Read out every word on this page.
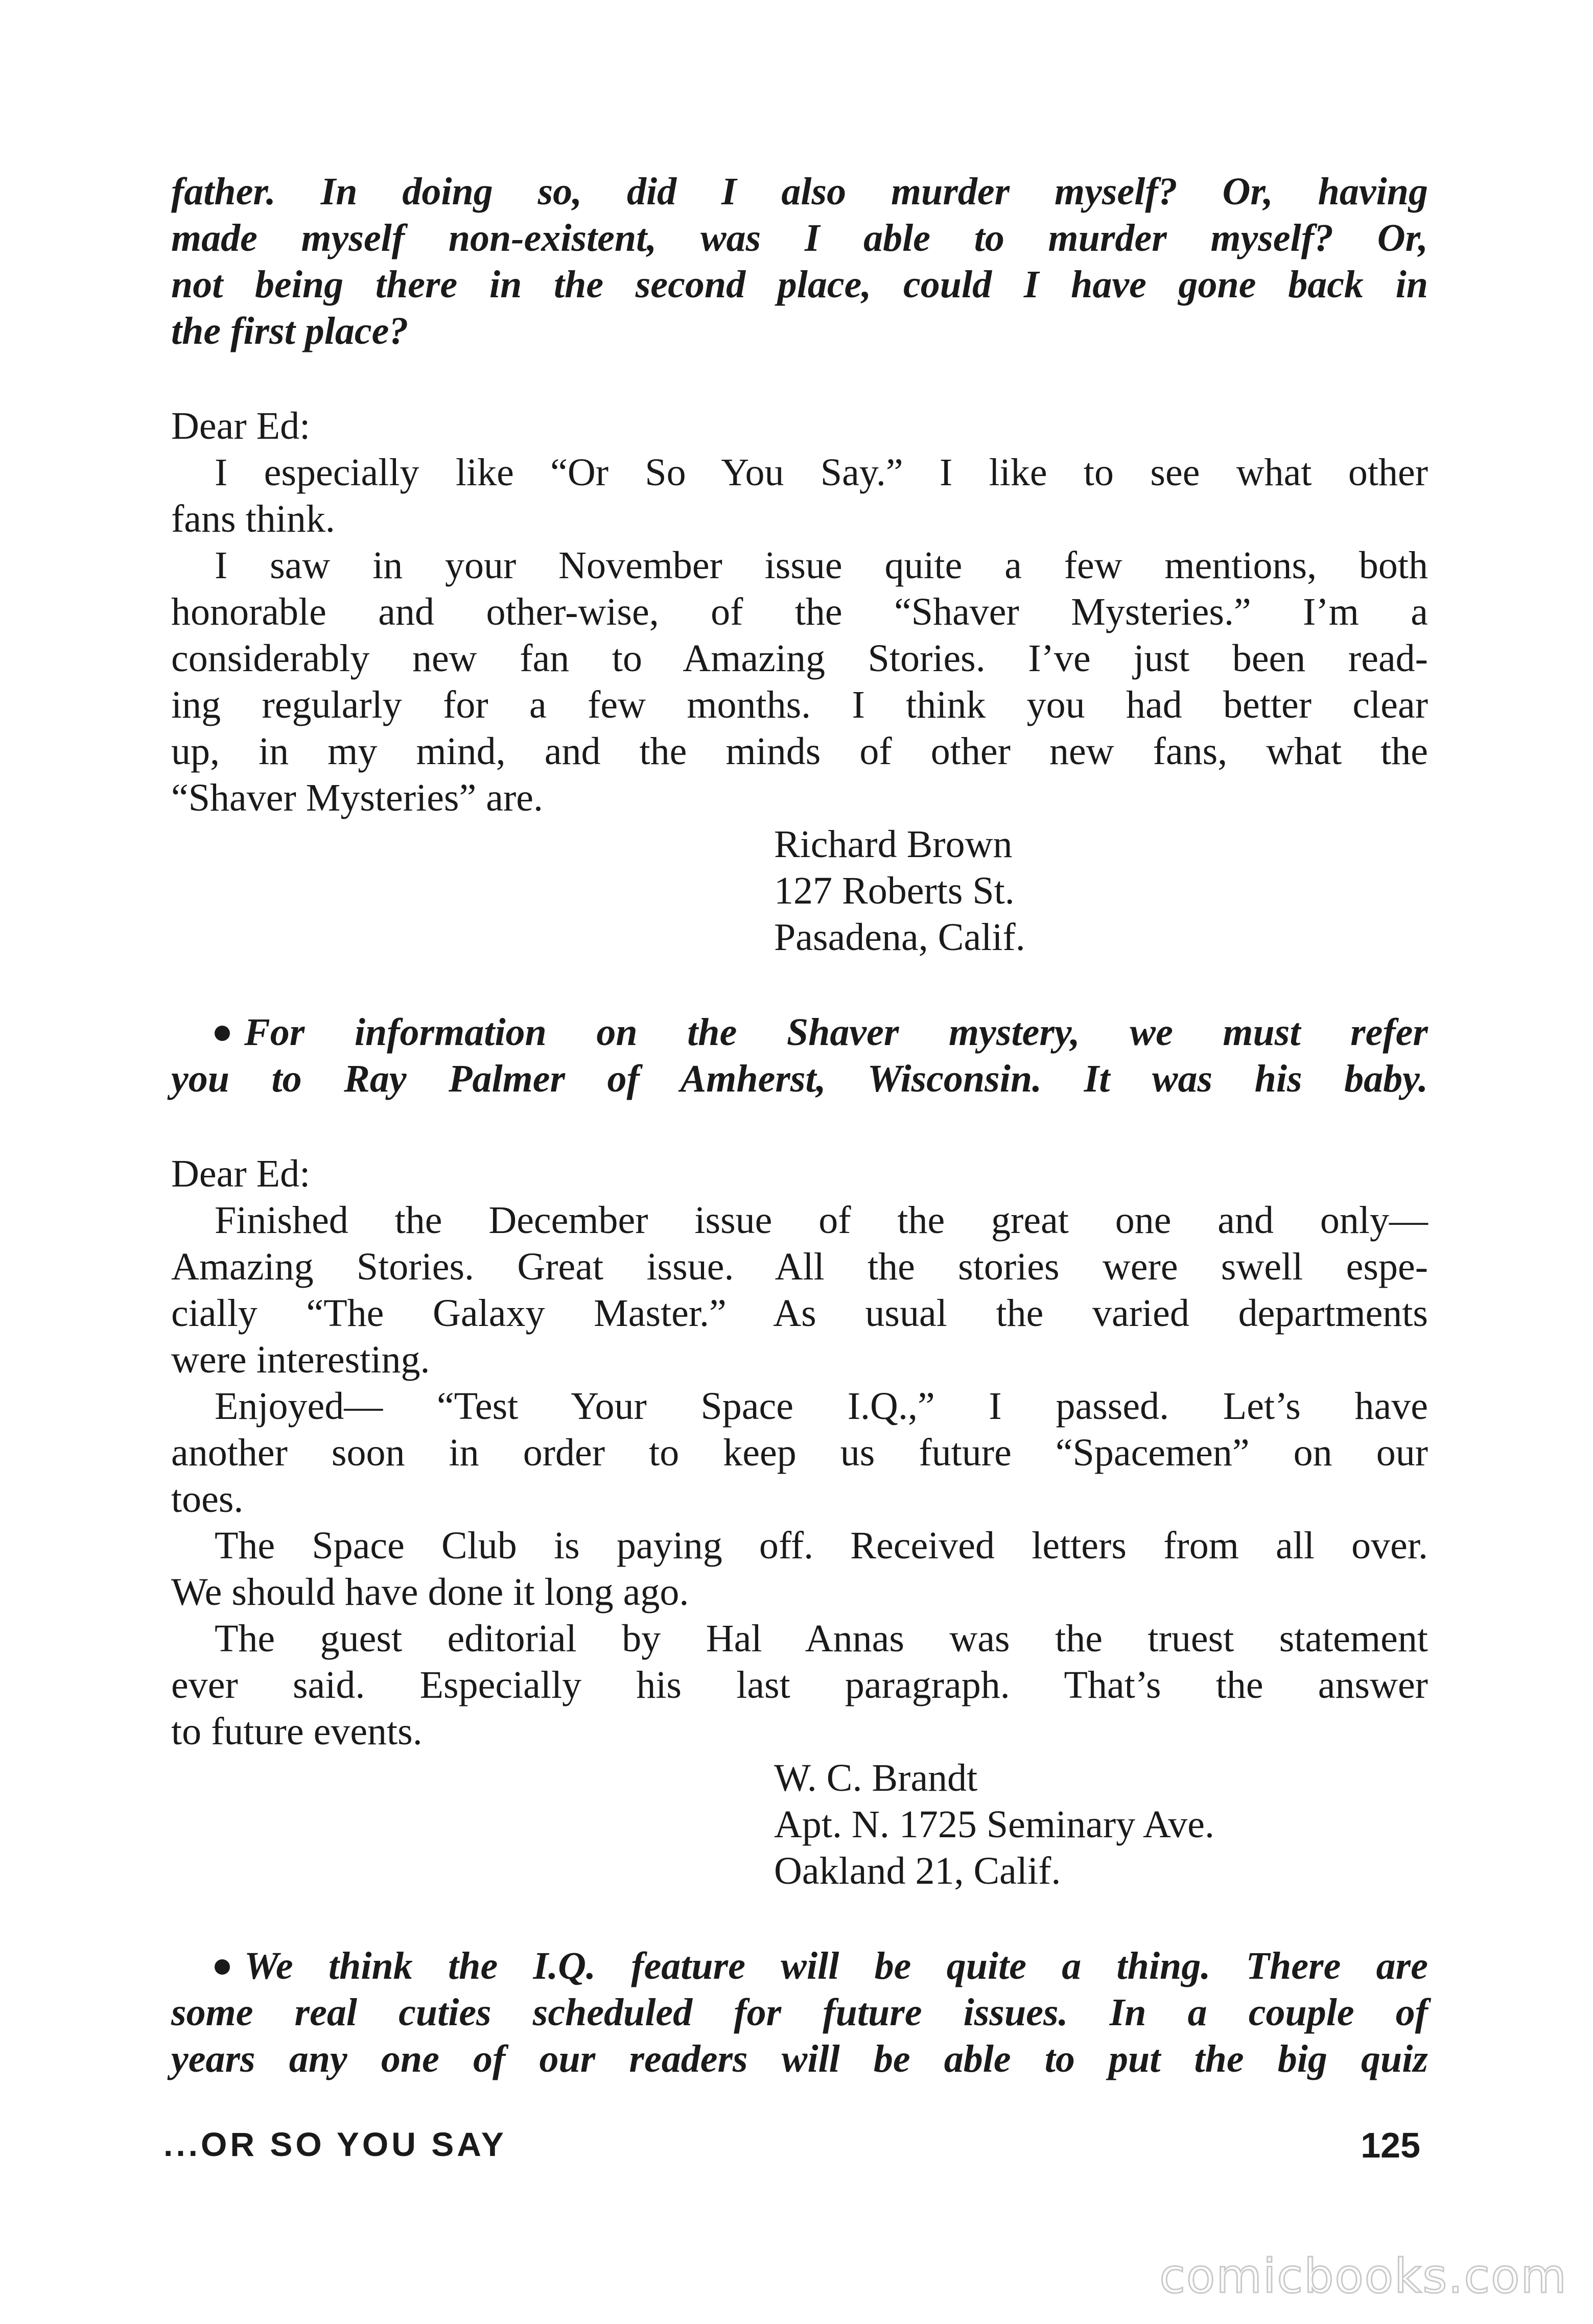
father. In doing so, did I also murder myself? Or, having
made myself non-existent, was I able to murder myself? Or,
not being there in the second place, could I have gone back in
the first place?
Dear Ed:
I especially like “Or So You Say.” I like to see what other
fans think.
I saw in your November issue quite a few mentions, both
honorable and other-wise, of the “Shaver Mysteries.” I’m a
considerably new fan to Amazing Stories. I’ve just been read-
ing regularly for a few months. I think you had better clear
up, in my mind, and the minds of other new fans, what the
“Shaver Mysteries” are.
Richard Brown
127 Roberts St.
Pasadena, Calif.
For information on the Shaver mystery, we must refer
you to Ray Palmer of Amherst, Wisconsin. It was his baby.
Dear Ed:
Finished the December issue of the great one and only—
Amazing Stories. Great issue. All the stories were swell espe-
cially “The Galaxy Master.” As usual the varied departments
were interesting.
Enjoyed— “Test Your Space I.Q.,” I passed. Let’s have
another soon in order to keep us future “Spacemen” on our
toes.
The Space Club is paying off. Received letters from all over.
We should have done it long ago.
The guest editorial by Hal Annas was the truest statement
ever said. Especially his last paragraph. That’s the answer
to future events.
W. C. Brandt
Apt. N. 1725 Seminary Ave.
Oakland 21, Calif.
We think the I.Q. feature will be quite a thing. There are
some real cuties scheduled for future issues. In a couple of
years any one of our readers will be able to put the big quiz
...OR SO YOU SAY	125
comicbooks.com
